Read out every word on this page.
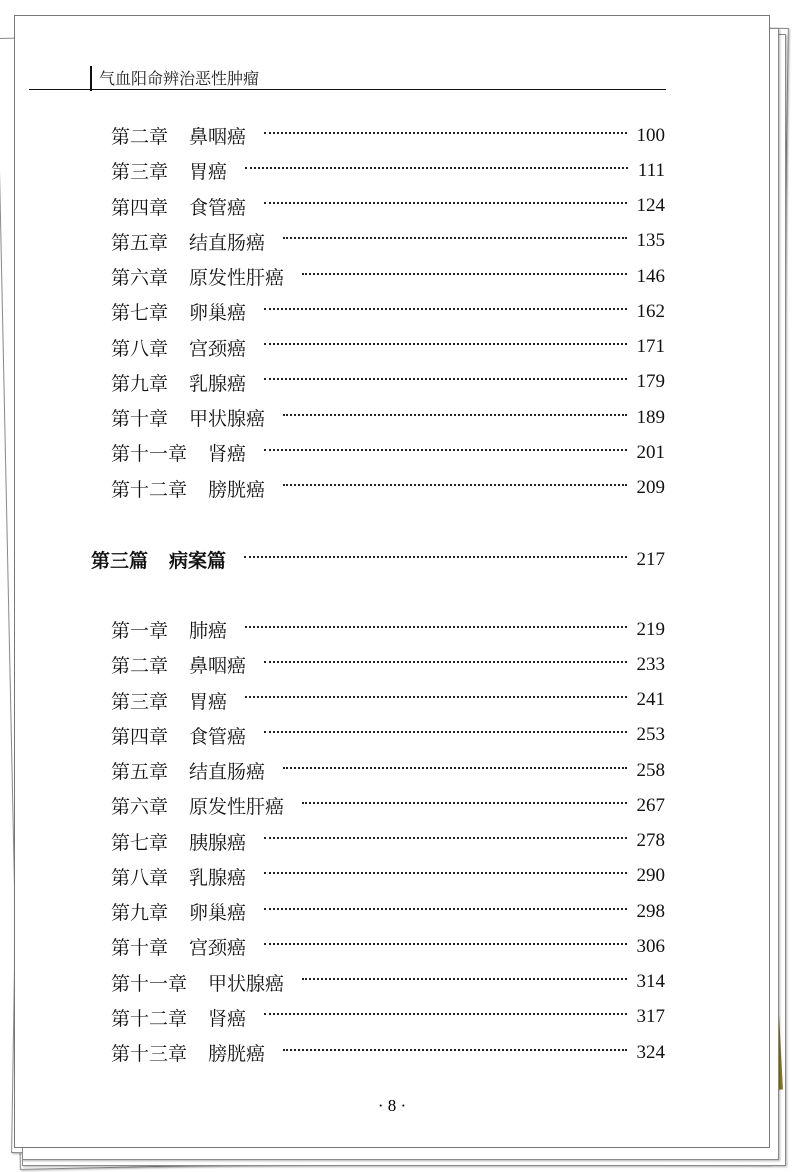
气血阳命辨治恶性肿瘤
第二章 鼻咽癌	100
第三章 胃癌	111
第四章 食管癌	124
第五章 结直肠癌	135
第六章 原发性肝癌	146
第七章 卵巢癌	162
第八章 宫颈癌	171
第九章 乳腺癌	179
第十章 甲状腺癌	189
第十一章 肾癌	201
第十二章 膀胱癌	209
第三篇 病案篇	217
第一章 肺癌	219
第二章 鼻咽癌	233
第三章 胃癌	241
第四章 食管癌	253
第五章 结直肠癌	258
第六章 原发性肝癌	267
第七章 胰腺癌	278
第八章 乳腺癌	290
第九章 卵巢癌	298
第十章 宫颈癌	306
第十一章 甲状腺癌	314
第十二章 肾癌	317
第十三章 膀胱癌	324
· 8 ·
